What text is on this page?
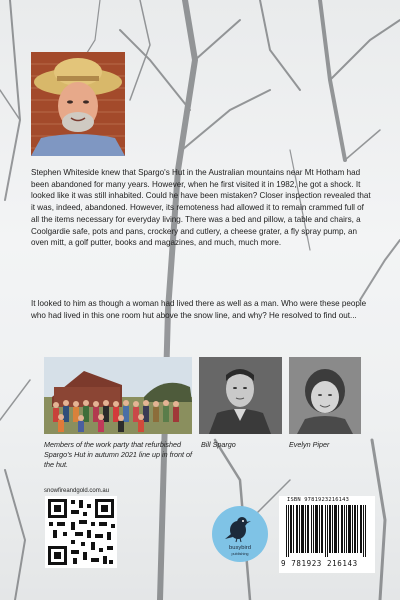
Stephen Whiteside knew that Spargo's Hut in the Australian mountains near Mt Hotham had been abandoned for many years. However, when he first visited it in 1982, he got a shock. It looked like it was still inhabited. Could he have been mistaken? Closer inspection revealed that it was, indeed, abandoned. However, its remoteness had allowed it to remain crammed full of all the items necessary for everyday living. There was a bed and pillow, a table and chairs, a Coolgardie safe, pots and pans, crockery and cutlery, a cheese grater, a fly spray pump, an oven mitt, a golf putter, books and magazines, and much, much more.

It looked to him as though a woman had lived there as well as a man. Who were these people who had lived in this one room hut above the snow line, and why? He resolved to find out...

Members of the work party that refurbished Spargo's Hut in autumn 2021 line up in front of the hut.

Bill Spargo	Evelyn Piper

snowfireandgold.com.au
busybird
publishing
ISBN 9781923216143
9 781923 216143
